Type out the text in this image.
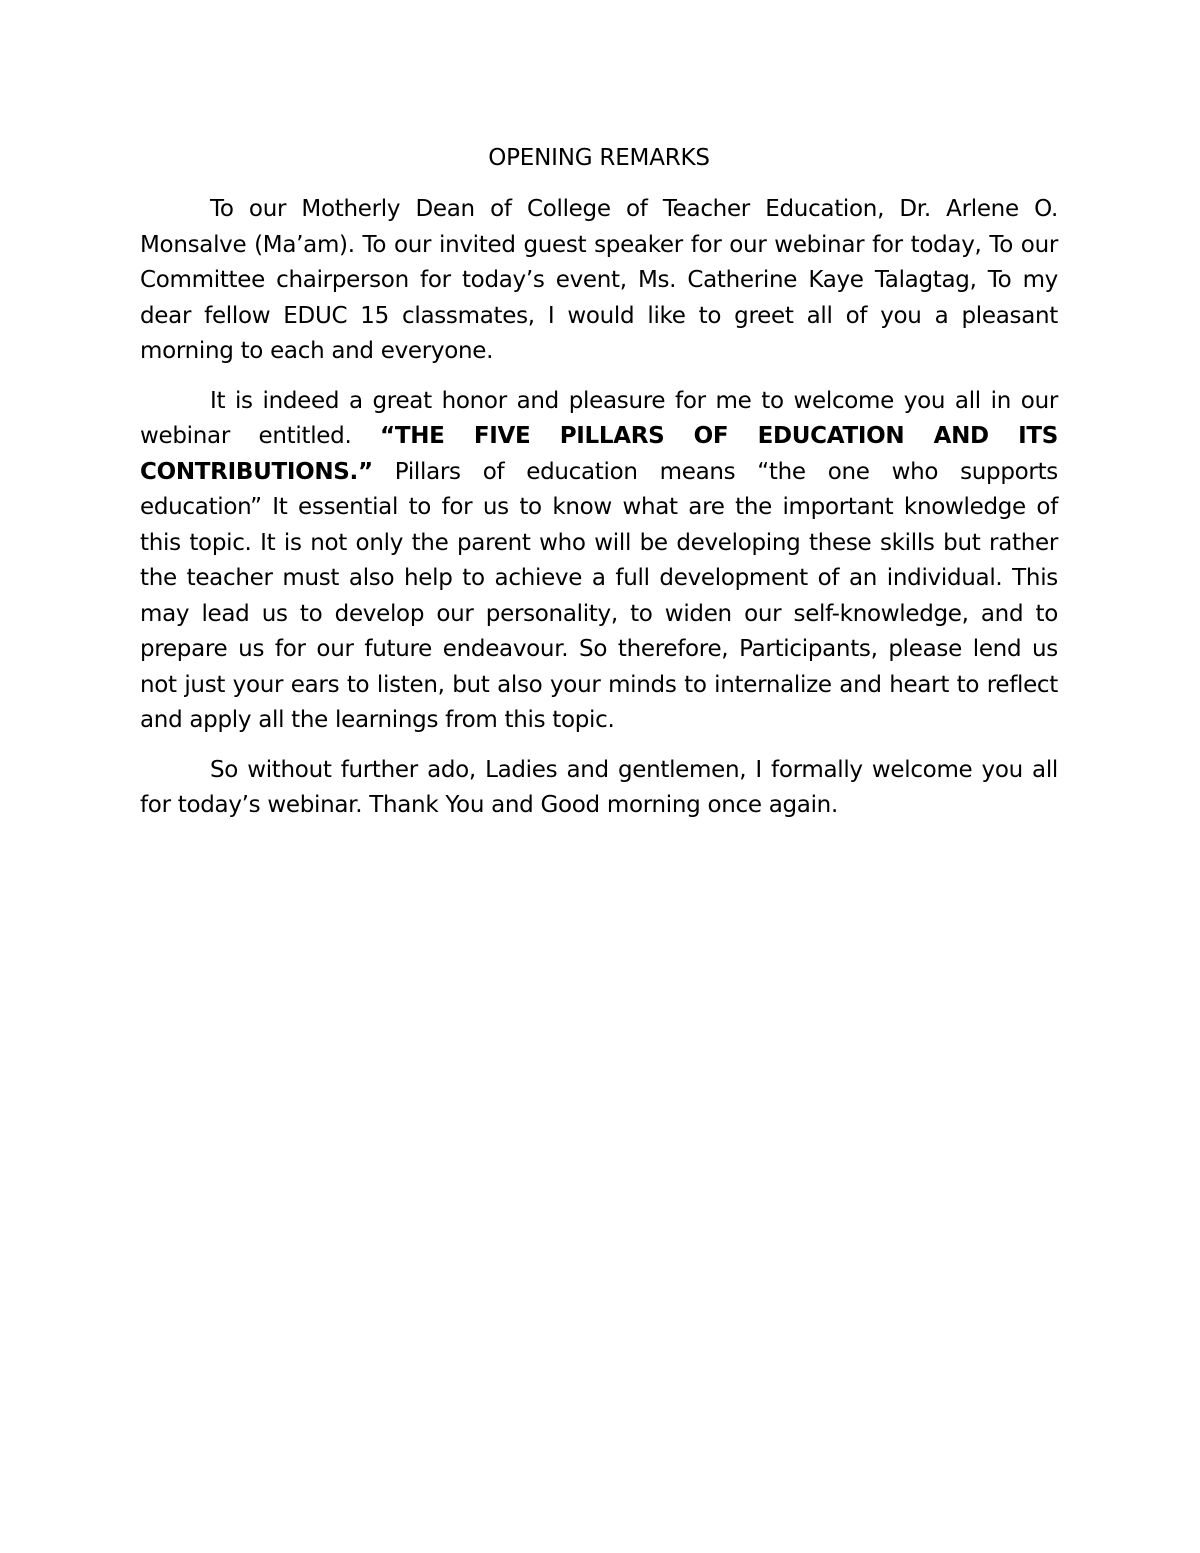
OPENING REMARKS

To our Motherly Dean of College of Teacher Education, Dr. Arlene O. Monsalve (Ma’am). To our invited guest speaker for our webinar for today, To our Committee chairperson for today’s event, Ms. Catherine Kaye Talagtag, To my dear fellow EDUC 15 classmates, I would like to greet all of you a pleasant morning to each and everyone.

It is indeed a great honor and pleasure for me to welcome you all in our webinar entitled. “THE FIVE PILLARS OF EDUCATION AND ITS CONTRIBUTIONS.” Pillars of education means “the one who supports education” It essential to for us to know what are the important knowledge of this topic. It is not only the parent who will be developing these skills but rather the teacher must also help to achieve a full development of an individual. This may lead us to develop our personality, to widen our self-knowledge, and to prepare us for our future endeavour. So therefore, Participants, please lend us not just your ears to listen, but also your minds to internalize and heart to reflect and apply all the learnings from this topic.

So without further ado, Ladies and gentlemen, I formally welcome you all for today’s webinar. Thank You and Good morning once again.
